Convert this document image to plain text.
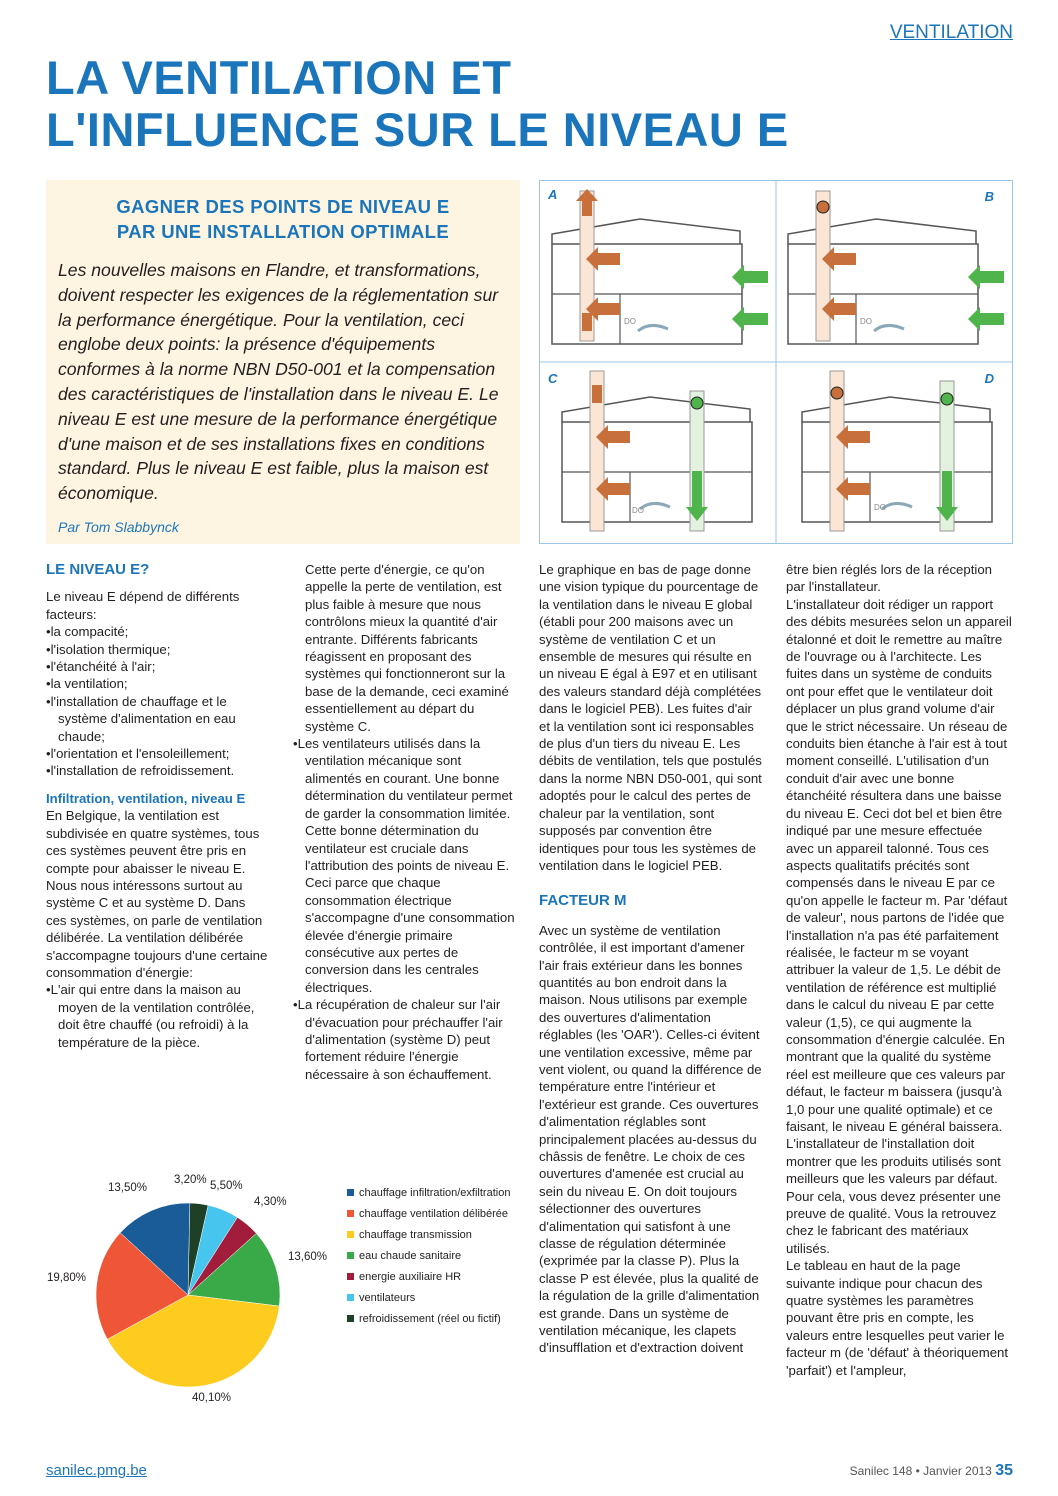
VENTILATION
LA VENTILATION ET
L'INFLUENCE SUR LE NIVEAU E
GAGNER DES POINTS DE NIVEAU E
PAR UNE INSTALLATION OPTIMALE
Les nouvelles maisons en Flandre, et transformations, doivent respecter les exigences de la réglementation sur la performance énergétique. Pour la ventilation, ceci englobe deux points: la présence d'équipements conformes à la norme NBN D50-001 et la compensation des caractéristiques de l'installation dans le niveau E. Le niveau E est une mesure de la performance énergétique d'une maison et de ses installations fixes en conditions standard. Plus le niveau E est faible, plus la maison est économique.
Par Tom Slabbynck
A	B
C	D
DO	DO
DO	DO
LE NIVEAU E?

Le niveau E dépend de différents facteurs:

•la compacité;
•l'isolation thermique;
•l'étanchéité à l'air;
•la ventilation;
•l'installation de chauffage et le système d'alimentation en eau chaude;
•l'orientation et l'ensoleillement;
•l'installation de refroidissement.
Infiltration, ventilation, niveau E

En Belgique, la ventilation est subdivisée en quatre systèmes, tous ces systèmes peuvent être pris en compte pour abaisser le niveau E. Nous nous intéressons surtout au système C et au système D. Dans ces systèmes, on parle de ventilation délibérée. La ventilation délibérée s'accompagne toujours d'une certaine consommation d'énergie:

•L'air qui entre dans la maison au moyen de la ventilation contrôlée, doit être chauffé (ou refroidi) à la température de la pièce.

Cette perte d'énergie, ce qu'on appelle la perte de ventilation, est plus faible à mesure que nous contrôlons mieux la quantité d'air entrante. Différents fabricants réagissent en proposant des systèmes qui fonctionneront sur la base de la demande, ceci examiné essentiellement au départ du système C.

•Les ventilateurs utilisés dans la ventilation mécanique sont alimentés en courant. Une bonne détermination du ventilateur permet de garder la consommation limitée. Cette bonne détermination du ventilateur est cruciale dans l'attribution des points de niveau E. Ceci parce que chaque consommation électrique s'accompagne d'une consommation élevée d'énergie primaire consécutive aux pertes de conversion dans les centrales électriques.
•La récupération de chaleur sur l'air d'évacuation pour préchauffer l'air d'alimentation (système D) peut fortement réduire l'énergie nécessaire à son échauffement.

Le graphique en bas de page donne une vision typique du pourcentage de la ventilation dans le niveau E global (établi pour 200 maisons avec un système de ventilation C et un ensemble de mesures qui résulte en un niveau E égal à E97 et en utilisant des valeurs standard déjà complétées dans le logiciel PEB). Les fuites d'air et la ventilation sont ici responsables de plus d'un tiers du niveau E. Les débits de ventilation, tels que postulés dans la norme NBN D50-001, qui sont adoptés pour le calcul des pertes de chaleur par la ventilation, sont supposés par convention être identiques pour tous les systèmes de ventilation dans le logiciel PEB.

FACTEUR M

Avec un système de ventilation contrôlée, il est important d'amener l'air frais extérieur dans les bonnes quantités au bon endroit dans la maison. Nous utilisons par exemple des ouvertures d'alimentation réglables (les 'OAR'). Celles-ci évitent une ventilation excessive, même par vent violent, ou quand la différence de température entre l'intérieur et l'extérieur est grande. Ces ouvertures d'alimentation réglables sont principalement placées au-dessus du châssis de fenêtre. Le choix de ces ouvertures d'amenée est crucial au sein du niveau E. On doit toujours sélectionner des ouvertures d'alimentation qui satisfont à une classe de régulation déterminée (exprimée par la classe P). Plus la classe P est élevée, plus la qualité de la régulation de la grille d'alimentation est grande. Dans un système de ventilation mécanique, les clapets d'insufflation et d'extraction doivent

être bien réglés lors de la réception par l'installateur.

L'installateur doit rédiger un rapport des débits mesurées selon un appareil étalonné et doit le remettre au maître de l'ouvrage ou à l'architecte. Les fuites dans un système de conduits ont pour effet que le ventilateur doit déplacer un plus grand volume d'air que le strict nécessaire. Un réseau de conduits bien étanche à l'air est à tout moment conseillé. L'utilisation d'un conduit d'air avec une bonne étanchéité résultera dans une baisse du niveau E. Ceci dot bel et bien être indiqué par une mesure effectuée avec un appareil talonné. Tous ces aspects qualitatifs précités sont compensés dans le niveau E par ce qu'on appelle le facteur m. Par 'défaut de valeur', nous partons de l'idée que l'installation n'a pas été parfaitement réalisée, le facteur m se voyant attribuer la valeur de 1,5. Le débit de ventilation de référence est multiplié dans le calcul du niveau E par cette valeur (1,5), ce qui augmente la consommation d'énergie calculée. En montrant que la qualité du système réel est meilleure que ces valeurs par défaut, le facteur m baissera (jusqu'à 1,0 pour une qualité optimale) et ce faisant, le niveau E général baissera.

L'installateur de l'installation doit montrer que les produits utilisés sont meilleurs que les valeurs par défaut. Pour cela, vous devez présenter une preuve de qualité. Vous la retrouvez chez le fabricant des matériaux utilisés.

Le tableau en haut de la page suivante indique pour chacun des quatre systèmes les paramètres pouvant être pris en compte, les valeurs entre lesquelles peut varier le facteur m (de 'défaut' à théoriquement 'parfait') et l'ampleur,

13,50%
19,80%
40,10%
13,60%
4,30%
5,50%
3,20%
chauffage infiltration/exfiltration
chauffage ventilation délibérée
chauffage transmission
eau chaude sanitaire
energie auxiliaire HR
ventilateurs
refroidissement (réel ou fictif)
sanilec.pmg.be	Sanilec 148 • Janvier 2013 35
